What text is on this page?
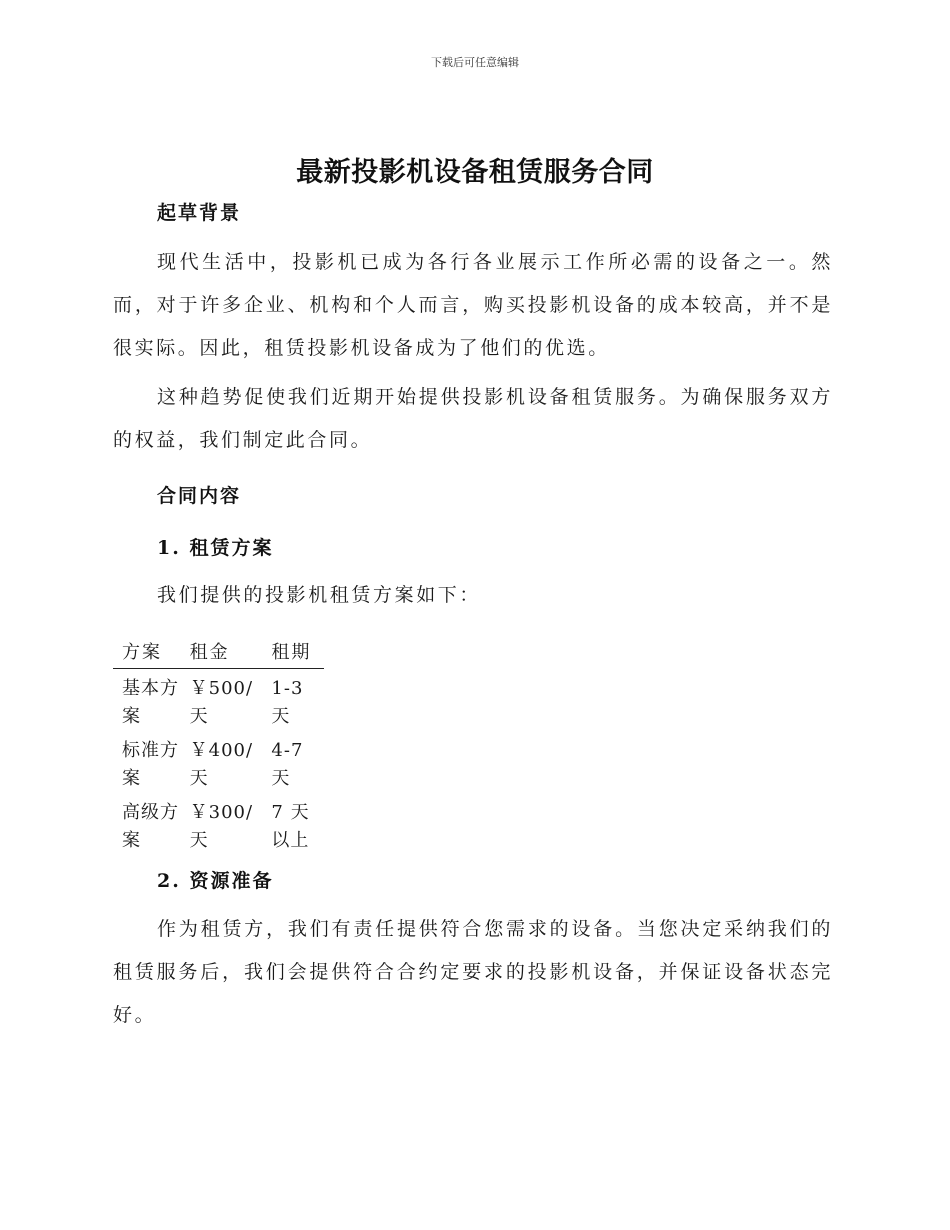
下载后可任意编辑
最新投影机设备租赁服务合同
起草背景

现代生活中，投影机已成为各行各业展示工作所必需的设备之一。然而，对于许多企业、机构和个人而言，购买投影机设备的成本较高，并不是很实际。因此，租赁投影机设备成为了他们的优选。

这种趋势促使我们近期开始提供投影机设备租赁服务。为确保服务双方的权益，我们制定此合同。

合同内容
1. 租赁方案

我们提供的投影机租赁方案如下：

方案	租金	租期

基本方案	￥500/天	1-3 天

标准方案	￥400/天	4-7 天

高级方案	￥300/天	7 天以上
2. 资源准备

作为租赁方，我们有责任提供符合您需求的设备。当您决定采纳我们的租赁服务后，我们会提供符合合约定要求的投影机设备，并保证设备状态完好。
